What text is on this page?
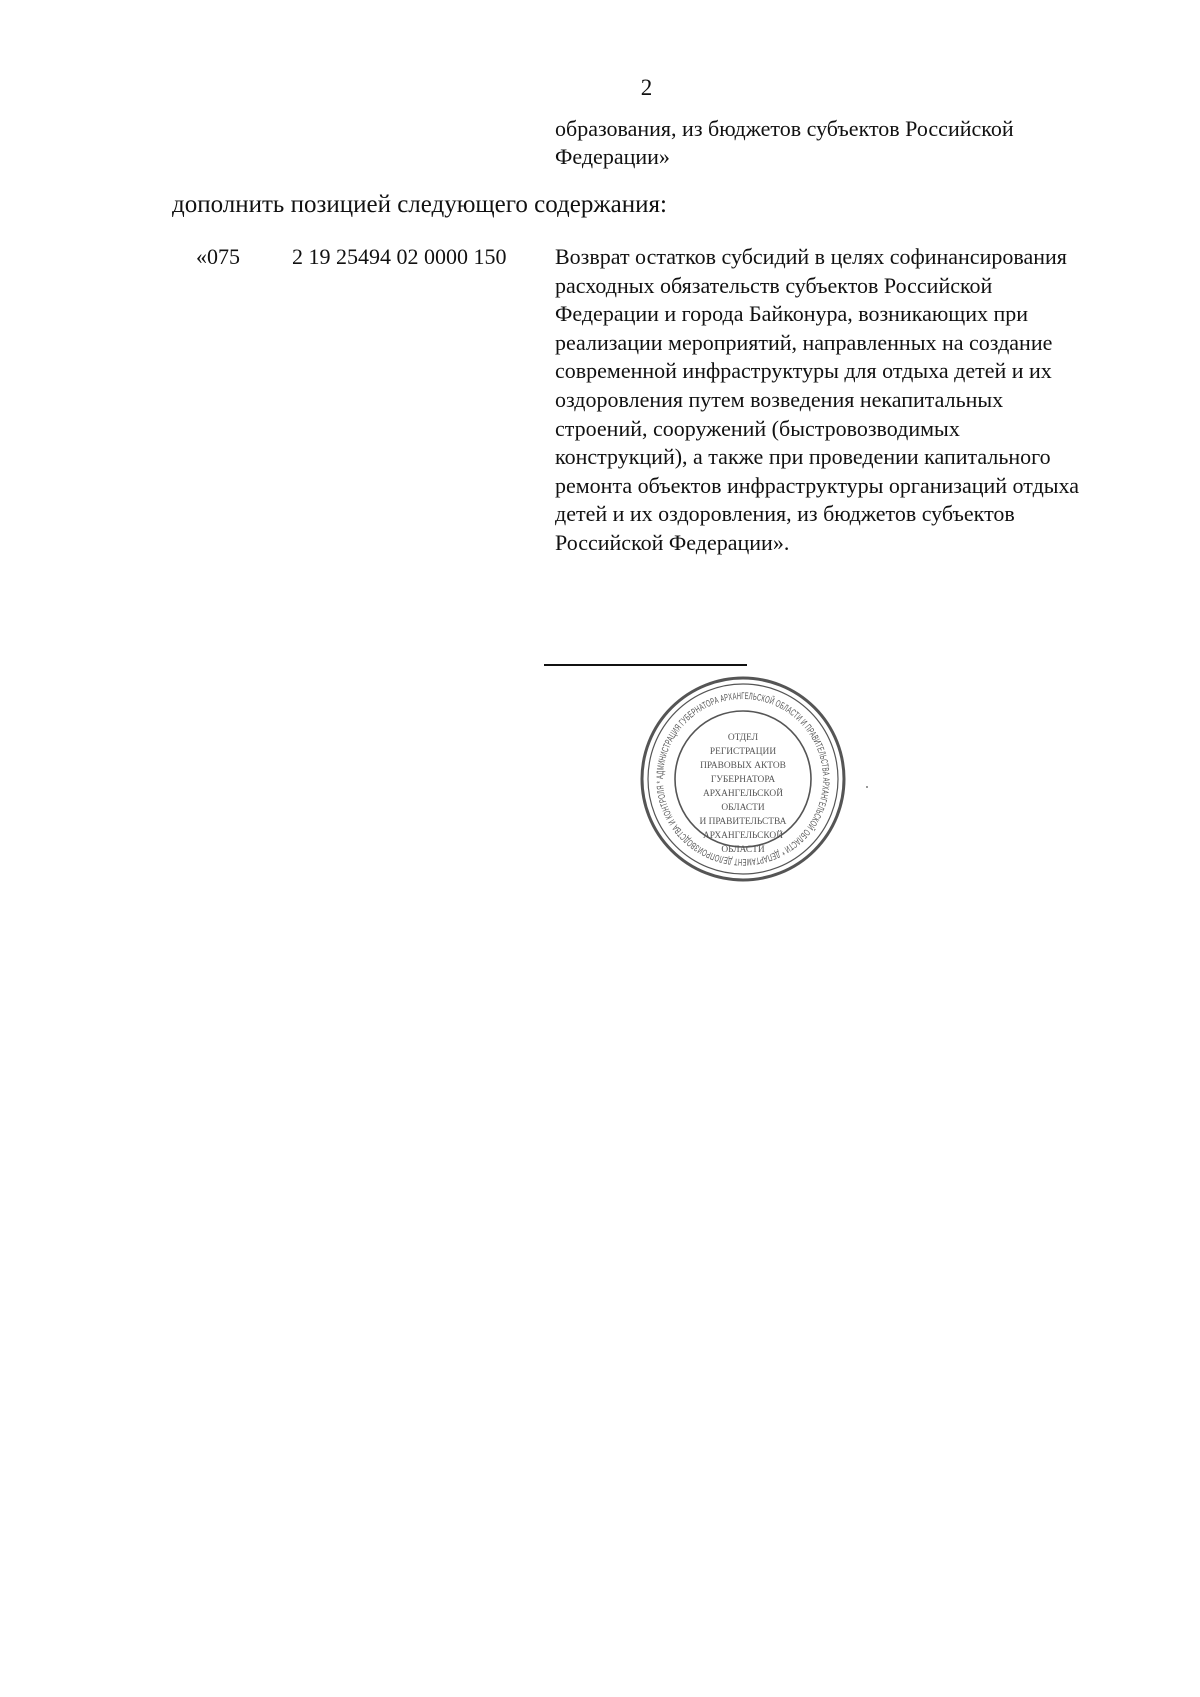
2
образования, из бюджетов субъектов Российской
Федерации»
дополнить позицией следующего содержания:
«075 2 19 25494 02 0000 150 Возврат остатков субсидий в целях софинансирования
расходных обязательств субъектов Российской
Федерации и города Байконура, возникающих при
реализации мероприятий, направленных на создание
современной инфраструктуры для отдыха детей и их
оздоровления путем возведения некапитальных
строений, сооружений (быстровозводимых
конструкций), а также при проведении капитального
ремонта объектов инфраструктуры организаций отдыха
детей и их оздоровления, из бюджетов субъектов
Российской Федерации».
АДМИНИСТРАЦИЯ ГУБЕРНАТОРА АРХАНГЕЛЬСКОЙ ОБЛАСТИ И ПРАВИТЕЛЬСТВА АРХАНГЕЛЬСКОЙ ОБЛАСТИ * ДЕПАРТАМЕНТ ДЕЛОПРОИЗВОДСТВА И КОНТРОЛЯ *
ОТДЕЛ
РЕГИСТРАЦИИ
ПРАВОВЫХ АКТОВ
ГУБЕРНАТОРА
АРХАНГЕЛЬСКОЙ
ОБЛАСТИ
И ПРАВИТЕЛЬСТВА
АРХАНГЕЛЬСКОЙ
ОБЛАСТИ
